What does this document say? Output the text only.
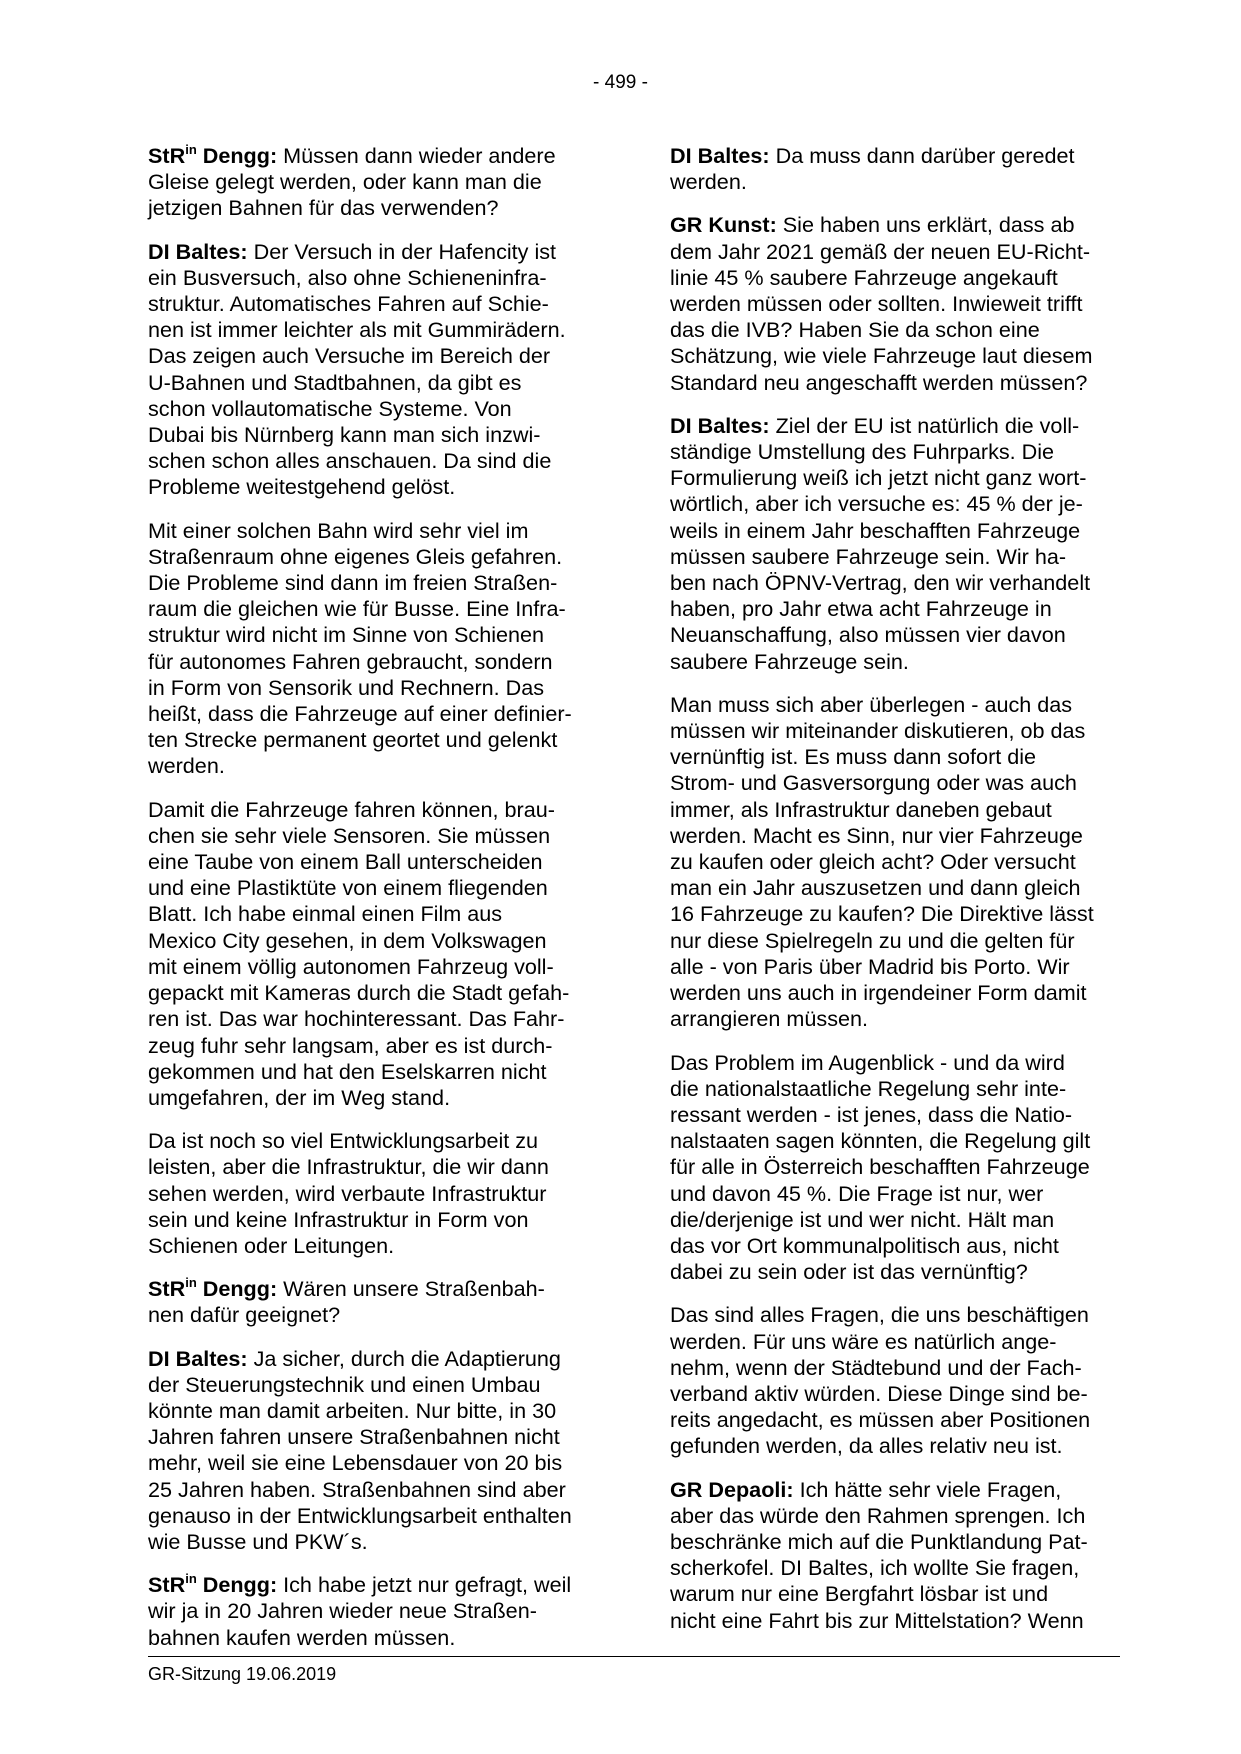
- 499 -
StR$^{in}$ Dengg: Müssen dann wieder andere
Gleise gelegt werden, oder kann man die
jetzigen Bahnen für das verwenden?
DI Baltes: Der Versuch in der Hafencity ist
ein Busversuch, also ohne Schieneninfra-
struktur. Automatisches Fahren auf Schie-
nen ist immer leichter als mit Gummirädern.
Das zeigen auch Versuche im Bereich der
U-Bahnen und Stadtbahnen, da gibt es
schon vollautomatische Systeme. Von
Dubai bis Nürnberg kann man sich inzwi-
schen schon alles anschauen. Da sind die
Probleme weitestgehend gelöst.
Mit einer solchen Bahn wird sehr viel im
Straßenraum ohne eigenes Gleis gefahren.
Die Probleme sind dann im freien Straßen-
raum die gleichen wie für Busse. Eine Infra-
struktur wird nicht im Sinne von Schienen
für autonomes Fahren gebraucht, sondern
in Form von Sensorik und Rechnern. Das
heißt, dass die Fahrzeuge auf einer definier-
ten Strecke permanent geortet und gelenkt
werden.
Damit die Fahrzeuge fahren können, brau-
chen sie sehr viele Sensoren. Sie müssen
eine Taube von einem Ball unterscheiden
und eine Plastiktüte von einem fliegenden
Blatt. Ich habe einmal einen Film aus
Mexico City gesehen, in dem Volkswagen
mit einem völlig autonomen Fahrzeug voll-
gepackt mit Kameras durch die Stadt gefah-
ren ist. Das war hochinteressant. Das Fahr-
zeug fuhr sehr langsam, aber es ist durch-
gekommen und hat den Eselskarren nicht
umgefahren, der im Weg stand.
Da ist noch so viel Entwicklungsarbeit zu
leisten, aber die Infrastruktur, die wir dann
sehen werden, wird verbaute Infrastruktur
sein und keine Infrastruktur in Form von
Schienen oder Leitungen.
StR$^{in}$ Dengg: Wären unsere Straßenbah-
nen dafür geeignet?
DI Baltes: Ja sicher, durch die Adaptierung
der Steuerungstechnik und einen Umbau
könnte man damit arbeiten. Nur bitte, in 30
Jahren fahren unsere Straßenbahnen nicht
mehr, weil sie eine Lebensdauer von 20 bis
25 Jahren haben. Straßenbahnen sind aber
genauso in der Entwicklungsarbeit enthalten
wie Busse und PKW´s.
StR$^{in}$ Dengg: Ich habe jetzt nur gefragt, weil
wir ja in 20 Jahren wieder neue Straßen-
bahnen kaufen werden müssen.
DI Baltes: Da muss dann darüber geredet
werden.
GR Kunst: Sie haben uns erklärt, dass ab
dem Jahr 2021 gemäß der neuen EU-Richt-
linie 45 % saubere Fahrzeuge angekauft
werden müssen oder sollten. Inwieweit trifft
das die IVB? Haben Sie da schon eine
Schätzung, wie viele Fahrzeuge laut diesem
Standard neu angeschafft werden müssen?
DI Baltes: Ziel der EU ist natürlich die voll-
ständige Umstellung des Fuhrparks. Die
Formulierung weiß ich jetzt nicht ganz wort-
wörtlich, aber ich versuche es: 45 % der je-
weils in einem Jahr beschafften Fahrzeuge
müssen saubere Fahrzeuge sein. Wir ha-
ben nach ÖPNV-Vertrag, den wir verhandelt
haben, pro Jahr etwa acht Fahrzeuge in
Neuanschaffung, also müssen vier davon
saubere Fahrzeuge sein.
Man muss sich aber überlegen - auch das
müssen wir miteinander diskutieren, ob das
vernünftig ist. Es muss dann sofort die
Strom- und Gasversorgung oder was auch
immer, als Infrastruktur daneben gebaut
werden. Macht es Sinn, nur vier Fahrzeuge
zu kaufen oder gleich acht? Oder versucht
man ein Jahr auszusetzen und dann gleich
16 Fahrzeuge zu kaufen? Die Direktive lässt
nur diese Spielregeln zu und die gelten für
alle - von Paris über Madrid bis Porto. Wir
werden uns auch in irgendeiner Form damit
arrangieren müssen.
Das Problem im Augenblick - und da wird
die nationalstaatliche Regelung sehr inte-
ressant werden - ist jenes, dass die Natio-
nalstaaten sagen könnten, die Regelung gilt
für alle in Österreich beschafften Fahrzeuge
und davon 45 %. Die Frage ist nur, wer
die/derjenige ist und wer nicht. Hält man
das vor Ort kommunalpolitisch aus, nicht
dabei zu sein oder ist das vernünftig?
Das sind alles Fragen, die uns beschäftigen
werden. Für uns wäre es natürlich ange-
nehm, wenn der Städtebund und der Fach-
verband aktiv würden. Diese Dinge sind be-
reits angedacht, es müssen aber Positionen
gefunden werden, da alles relativ neu ist.
GR Depaoli: Ich hätte sehr viele Fragen,
aber das würde den Rahmen sprengen. Ich
beschränke mich auf die Punktlandung Pat-
scherkofel. DI Baltes, ich wollte Sie fragen,
warum nur eine Bergfahrt lösbar ist und
nicht eine Fahrt bis zur Mittelstation? Wenn
GR-Sitzung 19.06.2019
